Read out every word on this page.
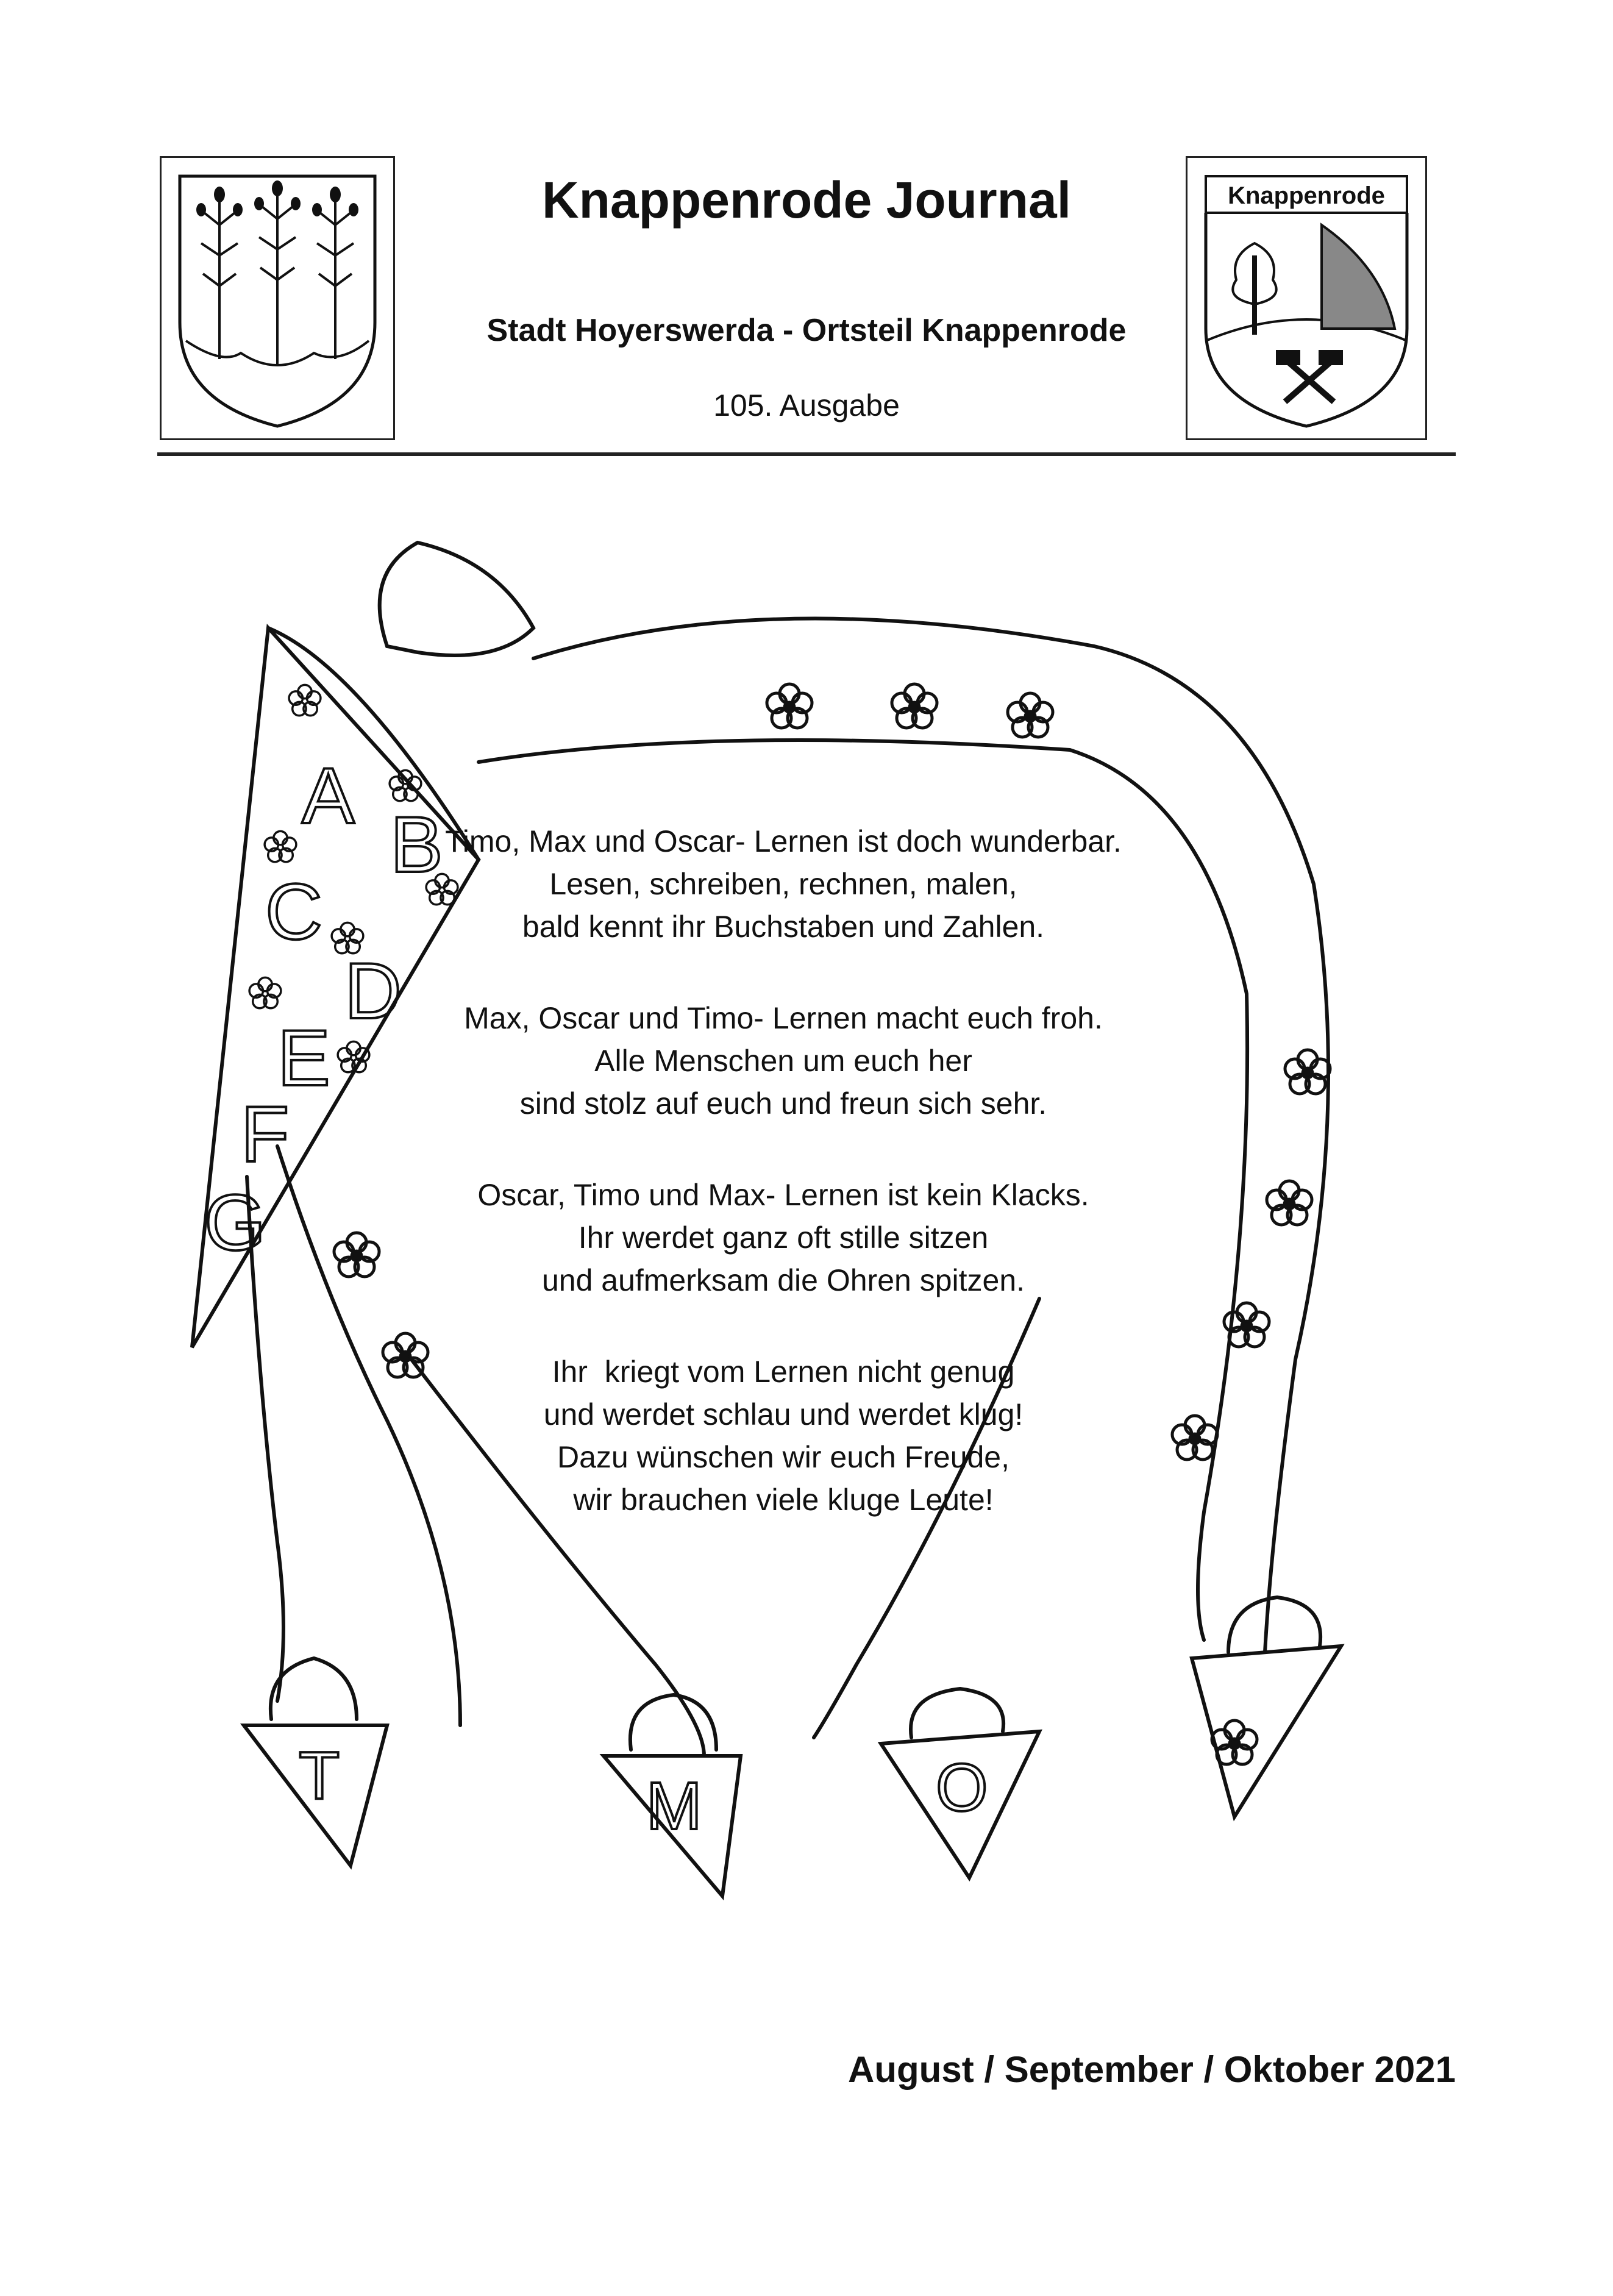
Knappenrode Journal
Stadt Hoyerswerda - Ortsteil Knappenrode
105. Ausgabe
Knappenrode
A
B
C
D
E
F
G
T	M	O

Timo, Max und Oscar- Lernen ist doch wunderbar.

Lesen, schreiben, rechnen, malen,

bald kennt ihr Buchstaben und Zahlen.

Max, Oscar und Timo- Lernen macht euch froh.

Alle Menschen um euch her

sind stolz auf euch und freun sich sehr.

Oscar, Timo und Max- Lernen ist kein Klacks.

Ihr werdet ganz oft stille sitzen

und aufmerksam die Ohren spitzen.

Ihr  kriegt vom Lernen nicht genug

und werdet schlau und werdet klug!

Dazu wünschen wir euch Freude,

wir brauchen viele kluge Leute!

August / September / Oktober 2021
